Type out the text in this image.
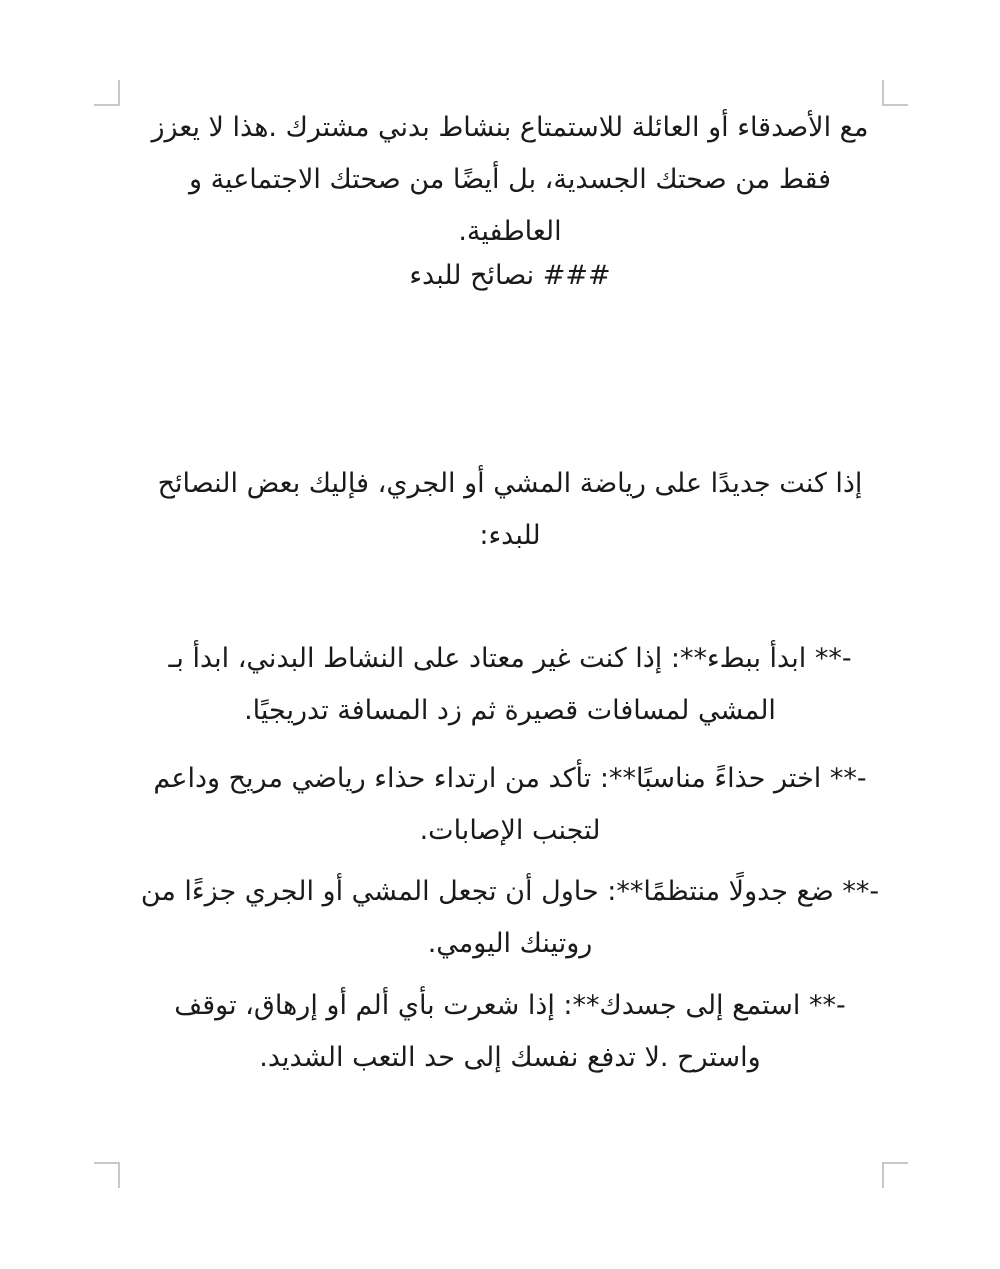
مع الأصدقاء أو العائلة للاستمتاع بنشاط بدني مشترك .هذا لا يعزز فقط من صحتك الجسدية، بل أيضًا من صحتك الاجتماعية و العاطفية.

### نصائح للبدء

إذا كنت جديدًا على رياضة المشي أو الجري، فإليك بعض النصائح للبدء:

-** ابدأ ببطء**: إذا كنت غير معتاد على النشاط البدني، ابدأ بـ المشي لمسافات قصيرة ثم زد المسافة تدريجيًا.

-** اختر حذاءً مناسبًا**: تأكد من ارتداء حذاء رياضي مريح وداعم لتجنب الإصابات.

-** ضع جدولًا منتظمًا**: حاول أن تجعل المشي أو الجري جزءًا من روتينك اليومي.

-** استمع إلى جسدك**: إذا شعرت بأي ألم أو إرهاق، توقف واسترح .لا تدفع نفسك إلى حد التعب الشديد.
